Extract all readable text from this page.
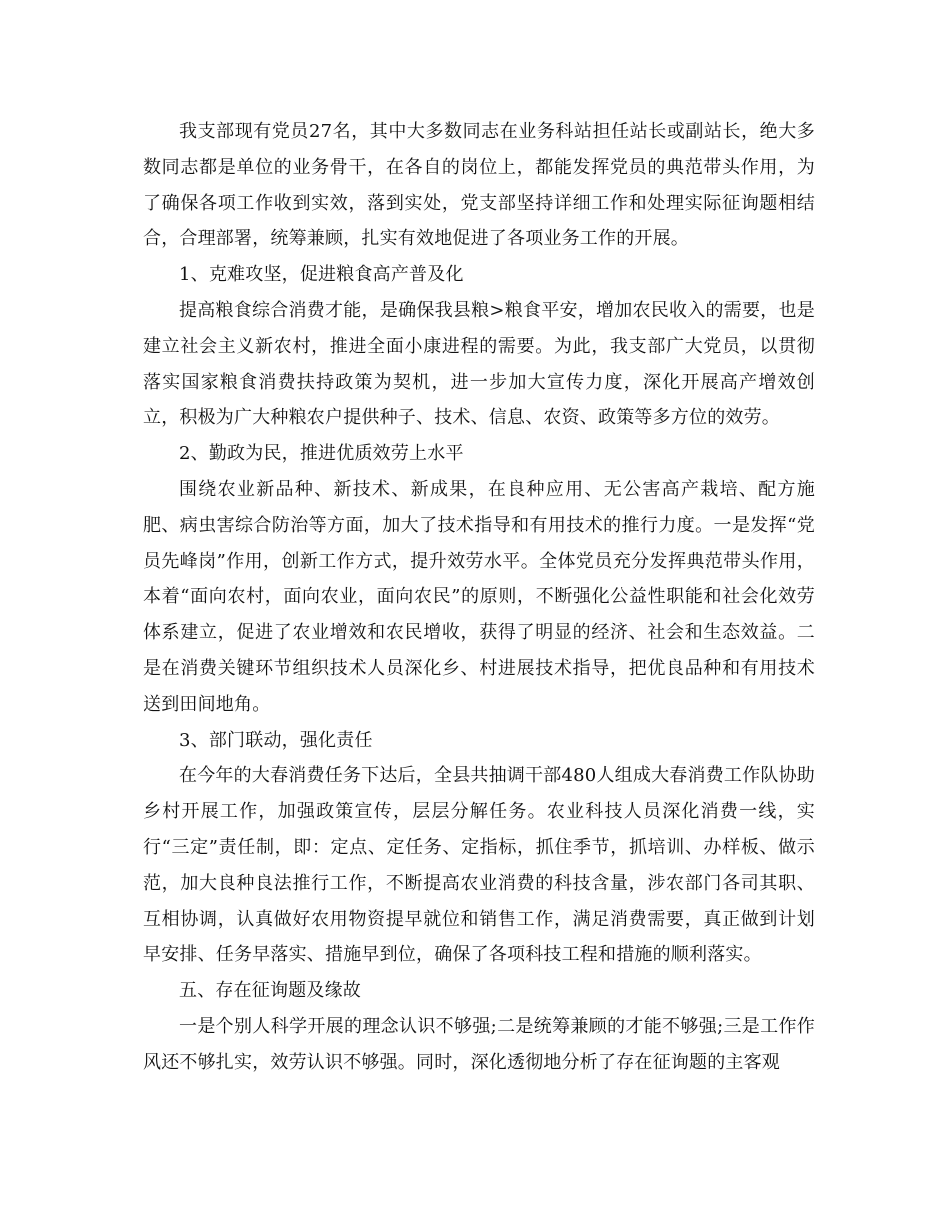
我支部现有党员27名，其中大多数同志在业务科站担任站长或副站长，绝大多数同志都是单位的业务骨干，在各自的岗位上，都能发挥党员的典范带头作用，为了确保各项工作收到实效，落到实处，党支部坚持详细工作和处理实际征询题相结合，合理部署，统筹兼顾，扎实有效地促进了各项业务工作的开展。

1、克难攻坚，促进粮食高产普及化

提高粮食综合消费才能，是确保我县粮>粮食平安，增加农民收入的需要，也是建立社会主义新农村，推进全面小康进程的需要。为此，我支部广大党员，以贯彻落实国家粮食消费扶持政策为契机，进一步加大宣传力度，深化开展高产增效创立，积极为广大种粮农户提供种子、技术、信息、农资、政策等多方位的效劳。

2、勤政为民，推进优质效劳上水平

围绕农业新品种、新技术、新成果，在良种应用、无公害高产栽培、配方施肥、病虫害综合防治等方面，加大了技术指导和有用技术的推行力度。一是发挥“党员先峰岗”作用，创新工作方式，提升效劳水平。全体党员充分发挥典范带头作用，本着“面向农村，面向农业，面向农民”的原则，不断强化公益性职能和社会化效劳体系建立，促进了农业增效和农民增收，获得了明显的经济、社会和生态效益。二是在消费关键环节组织技术人员深化乡、村进展技术指导，把优良品种和有用技术送到田间地角。

3、部门联动，强化责任

在今年的大春消费任务下达后，全县共抽调干部480人组成大春消费工作队协助乡村开展工作，加强政策宣传，层层分解任务。农业科技人员深化消费一线，实行“三定”责任制，即：定点、定任务、定指标，抓住季节，抓培训、办样板、做示范，加大良种良法推行工作，不断提高农业消费的科技含量，涉农部门各司其职、互相协调，认真做好农用物资提早就位和销售工作，满足消费需要，真正做到计划早安排、任务早落实、措施早到位，确保了各项科技工程和措施的顺利落实。

五、存在征询题及缘故

一是个别人科学开展的理念认识不够强;二是统筹兼顾的才能不够强;三是工作作风还不够扎实，效劳认识不够强。同时，深化透彻地分析了存在征询题的主客观
